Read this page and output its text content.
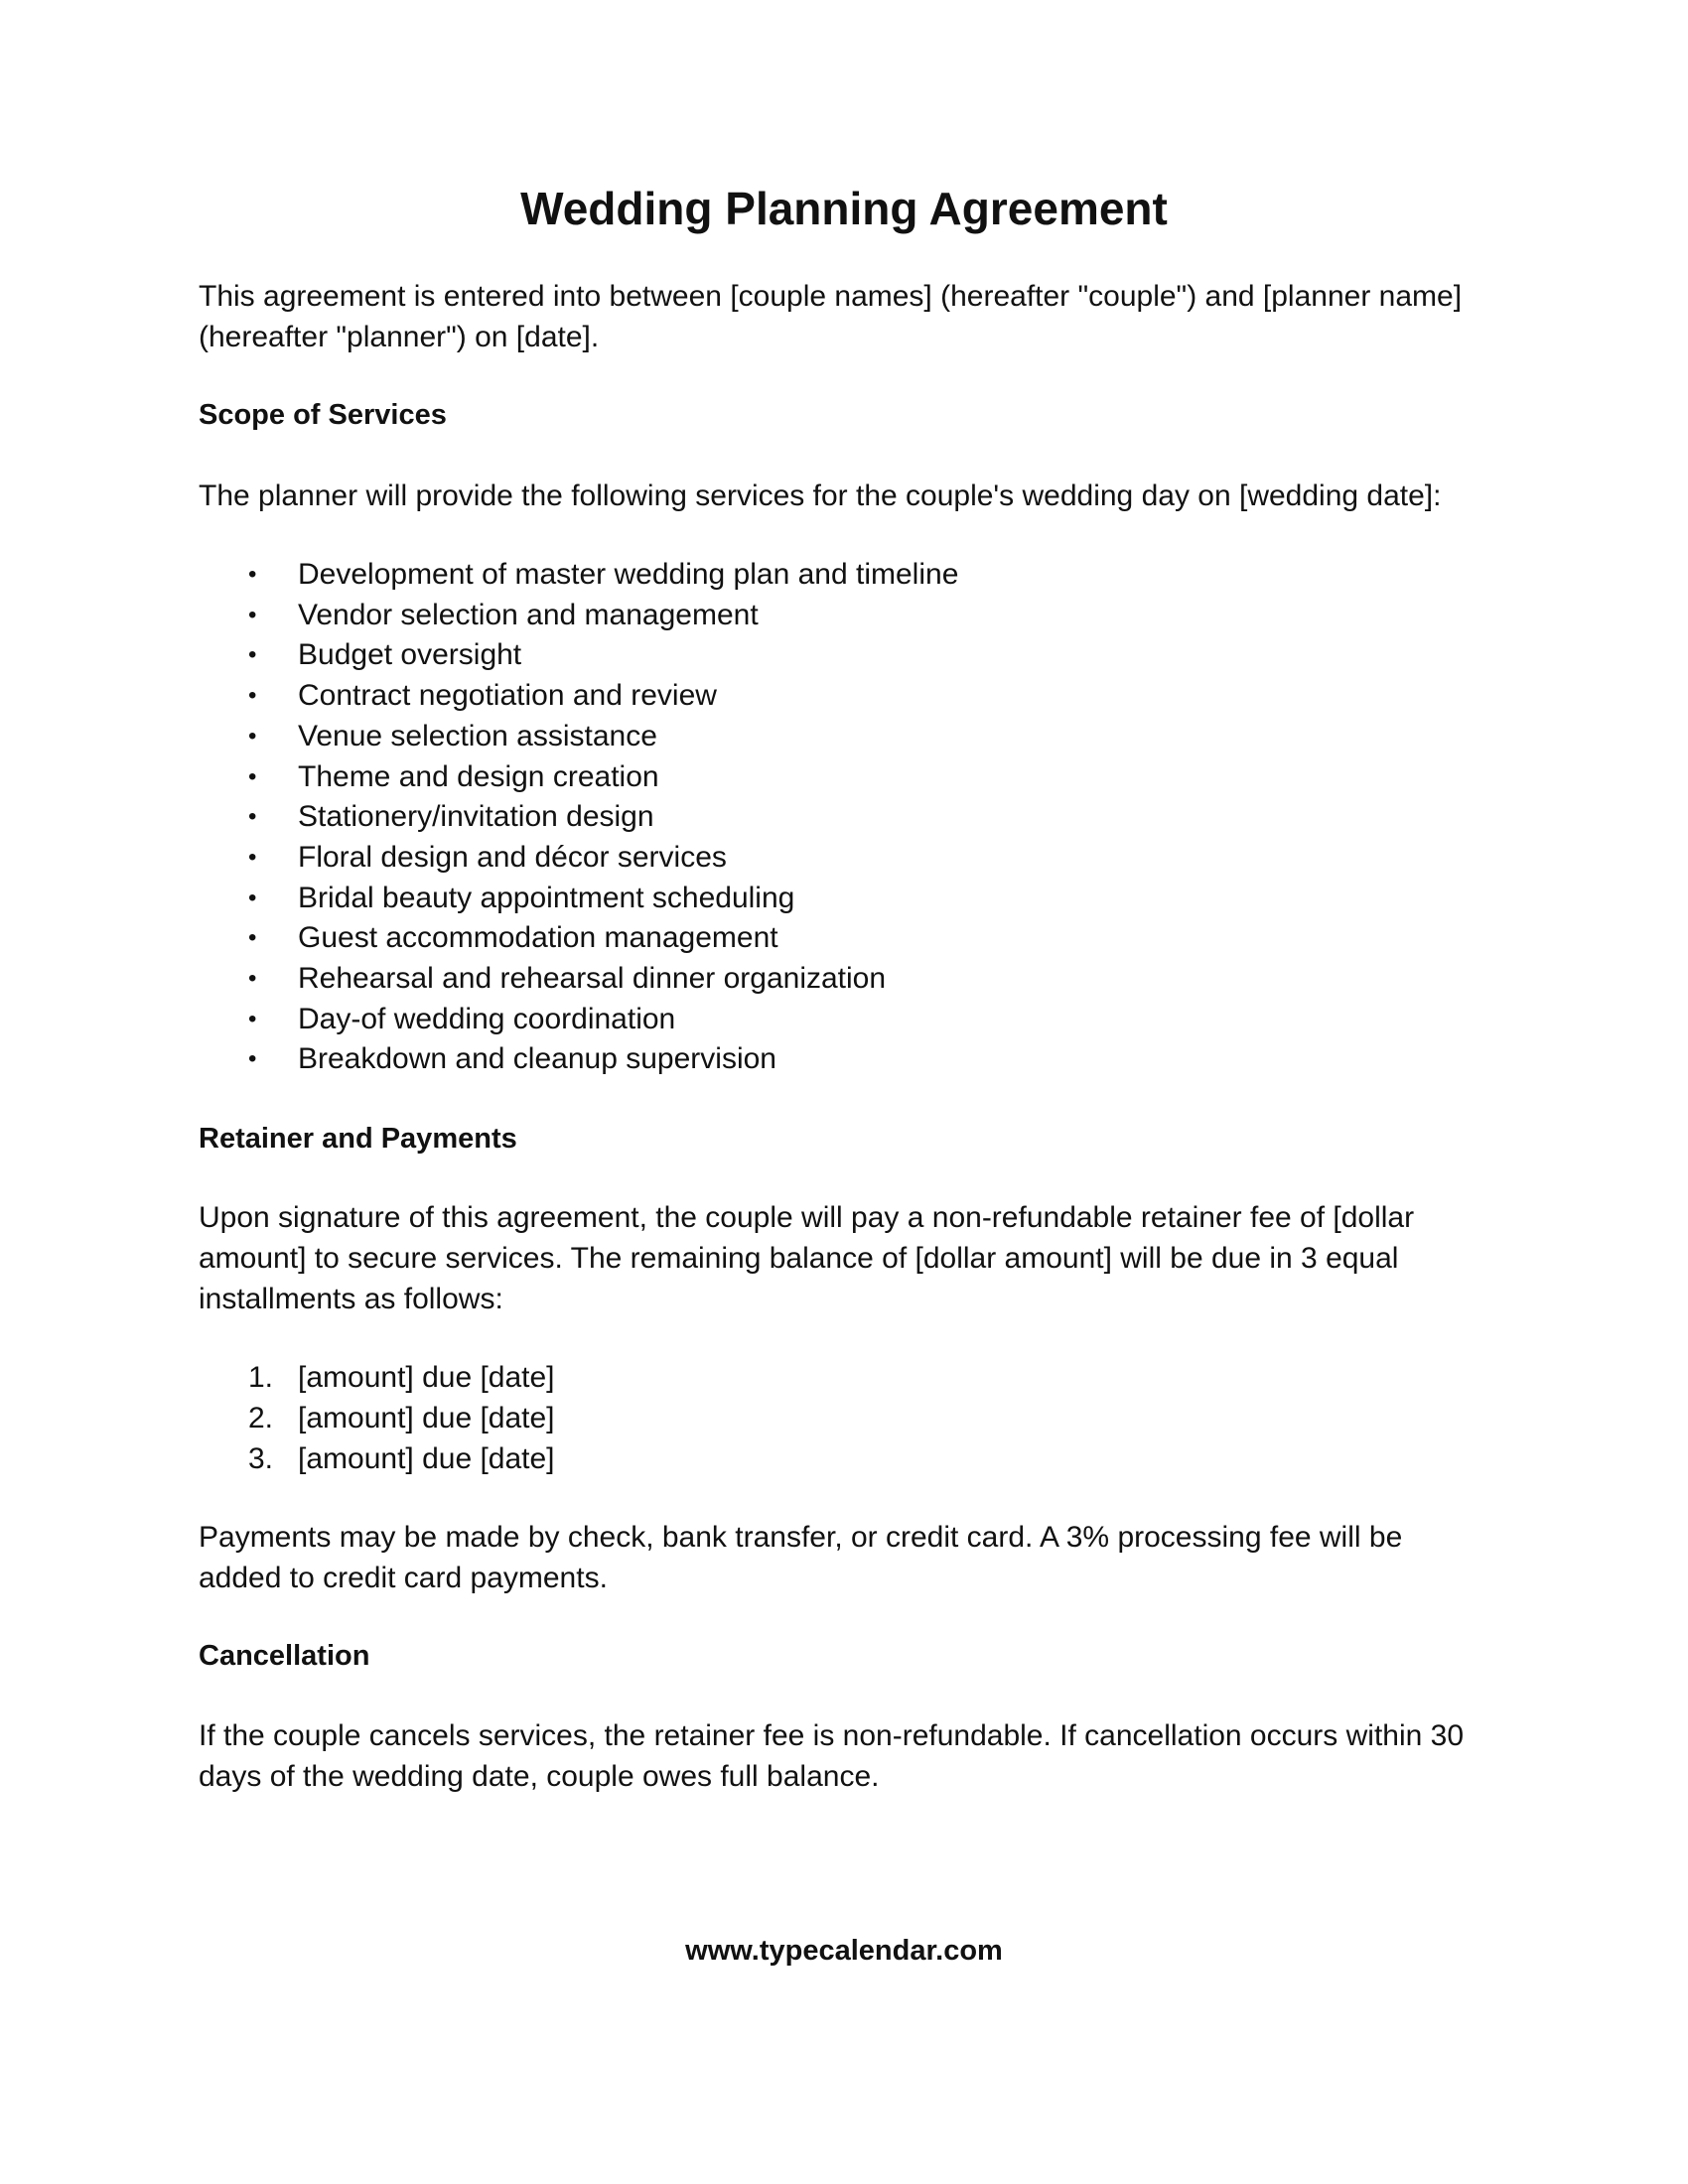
Wedding Planning Agreement

This agreement is entered into between [couple names] (hereafter "couple") and [planner name] (hereafter "planner") on [date].

Scope of Services

The planner will provide the following services for the couple's wedding day on [wedding date]:

•	Development of master wedding plan and timeline
•	Vendor selection and management
•	Budget oversight
•	Contract negotiation and review
•	Venue selection assistance
•	Theme and design creation
•	Stationery/invitation design
•	Floral design and décor services
•	Bridal beauty appointment scheduling
•	Guest accommodation management
•	Rehearsal and rehearsal dinner organization
•	Day-of wedding coordination
•	Breakdown and cleanup supervision
Retainer and Payments

Upon signature of this agreement, the couple will pay a non-refundable retainer fee of [dollar amount] to secure services. The remaining balance of [dollar amount] will be due in 3 equal installments as follows:

1. [amount] due [date]
2. [amount] due [date]
3. [amount] due [date]

Payments may be made by check, bank transfer, or credit card. A 3% processing fee will be added to credit card payments.

Cancellation

If the couple cancels services, the retainer fee is non-refundable. If cancellation occurs within 30 days of the wedding date, couple owes full balance.

www.typecalendar.com
